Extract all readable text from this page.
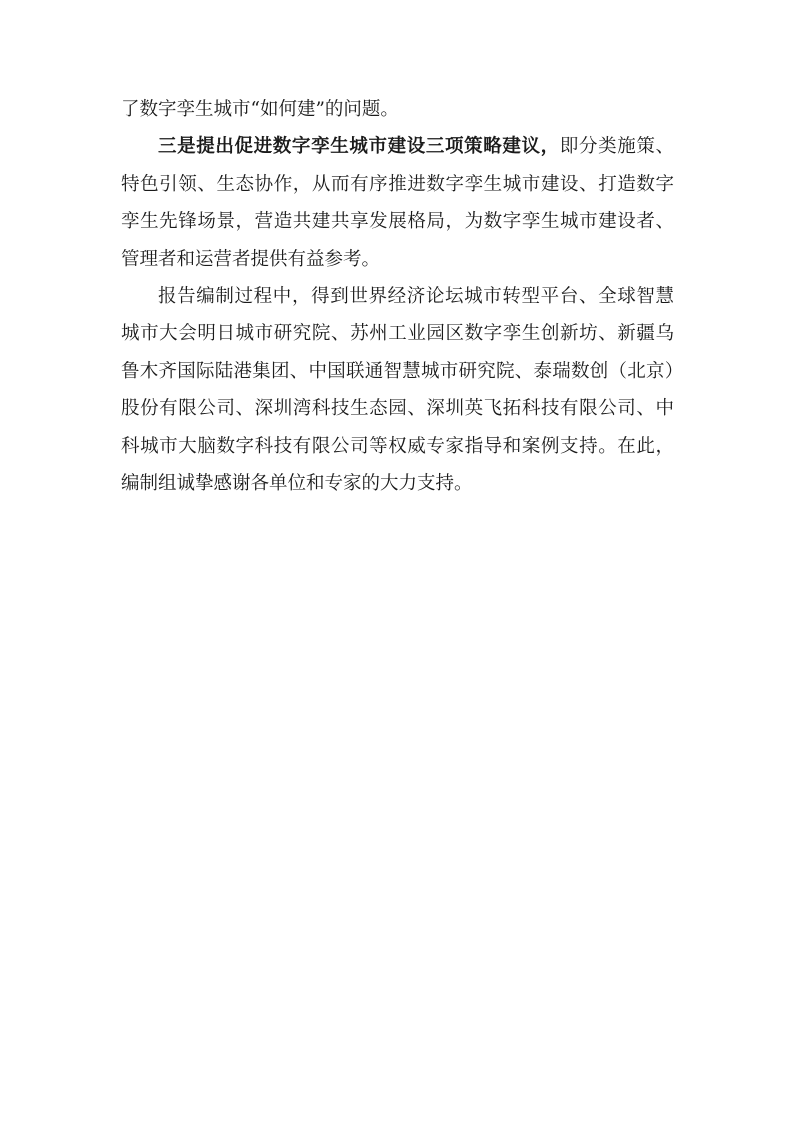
了数字孪生城市“如何建”的问题。

三是提出促进数字孪生城市建设三项策略建议，即分类施策、特色引领、生态协作，从而有序推进数字孪生城市建设、打造数字孪生先锋场景，营造共建共享发展格局，为数字孪生城市建设者、管理者和运营者提供有益参考。

报告编制过程中，得到世界经济论坛城市转型平台、全球智慧城市大会明日城市研究院、苏州工业园区数字孪生创新坊、新疆乌鲁木齐国际陆港集团、中国联通智慧城市研究院、泰瑞数创（北京）股份有限公司、深圳湾科技生态园、深圳英飞拓科技有限公司、中科城市大脑数字科技有限公司等权威专家指导和案例支持。在此，编制组诚挚感谢各单位和专家的大力支持。
